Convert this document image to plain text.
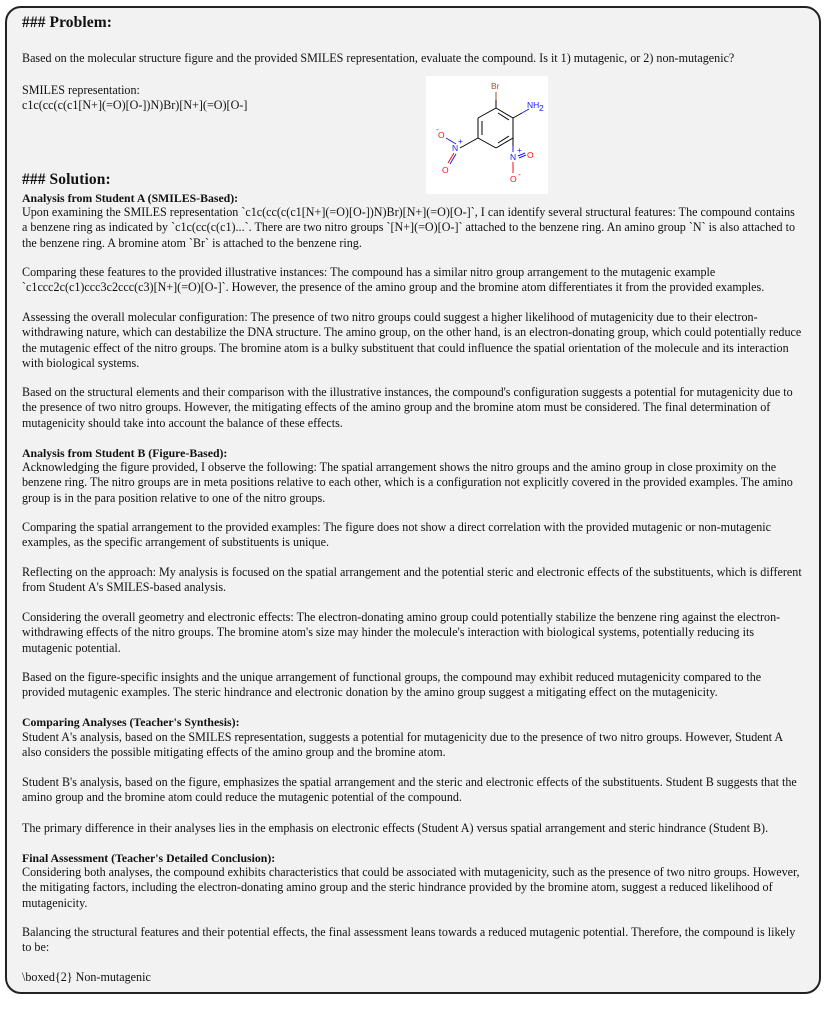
### Problem:
Based on the molecular structure figure and the provided SMILES representation, evaluate the compound. Is it 1) mutagenic, or 2) non-mutagenic?
SMILES representation:
c1c(cc(c(c1[N+](=O)[O-])N)Br)[N+](=O)[O-]
Br
NH 2
N
+ O
O -
N
+
O
-
O
### Solution:
Analysis from Student A (SMILES-Based):
Upon examining the SMILES representation `c1c(cc(c(c1[N+](=O)[O-])N)Br)[N+](=O)[O-]`, I can identify several structural features: The compound contains a benzene ring as indicated by `c1c(cc(c(c1)...`. There are two nitro groups `[N+](=O)[O-]` attached to the benzene ring. An amino group `N` is also attached to the benzene ring. A bromine atom `Br` is attached to the benzene ring.
Comparing these features to the provided illustrative instances: The compound has a similar nitro group arrangement to the mutagenic example `c1ccc2c(c1)ccc3c2ccc(c3)[N+](=O)[O-]`. However, the presence of the amino group and the bromine atom differentiates it from the provided examples.
Assessing the overall molecular configuration: The presence of two nitro groups could suggest a higher likelihood of mutagenicity due to their electron-withdrawing nature, which can destabilize the DNA structure. The amino group, on the other hand, is an electron-donating group, which could potentially reduce the mutagenic effect of the nitro groups. The bromine atom is a bulky substituent that could influence the spatial orientation of the molecule and its interaction with biological systems.
Based on the structural elements and their comparison with the illustrative instances, the compound's configuration suggests a potential for mutagenicity due to the presence of two nitro groups. However, the mitigating effects of the amino group and the bromine atom must be considered. The final determination of mutagenicity should take into account the balance of these effects.
Analysis from Student B (Figure-Based):
Acknowledging the figure provided, I observe the following: The spatial arrangement shows the nitro groups and the amino group in close proximity on the benzene ring. The nitro groups are in meta positions relative to each other, which is a configuration not explicitly covered in the provided examples. The amino group is in the para position relative to one of the nitro groups.
Comparing the spatial arrangement to the provided examples: The figure does not show a direct correlation with the provided mutagenic or non-mutagenic examples, as the specific arrangement of substituents is unique.
Reflecting on the approach: My analysis is focused on the spatial arrangement and the potential steric and electronic effects of the substituents, which is different from Student A's SMILES-based analysis.
Considering the overall geometry and electronic effects: The electron-donating amino group could potentially stabilize the benzene ring against the electron-withdrawing effects of the nitro groups. The bromine atom's size may hinder the molecule's interaction with biological systems, potentially reducing its mutagenic potential.
Based on the figure-specific insights and the unique arrangement of functional groups, the compound may exhibit reduced mutagenicity compared to the provided mutagenic examples. The steric hindrance and electronic donation by the amino group suggest a mitigating effect on the mutagenicity.
Comparing Analyses (Teacher's Synthesis):
Student A's analysis, based on the SMILES representation, suggests a potential for mutagenicity due to the presence of two nitro groups. However, Student A also considers the possible mitigating effects of the amino group and the bromine atom.
Student B's analysis, based on the figure, emphasizes the spatial arrangement and the steric and electronic effects of the substituents. Student B suggests that the amino group and the bromine atom could reduce the mutagenic potential of the compound.
The primary difference in their analyses lies in the emphasis on electronic effects (Student A) versus spatial arrangement and steric hindrance (Student B).
Final Assessment (Teacher's Detailed Conclusion):
Considering both analyses, the compound exhibits characteristics that could be associated with mutagenicity, such as the presence of two nitro groups. However, the mitigating factors, including the electron-donating amino group and the steric hindrance provided by the bromine atom, suggest a reduced likelihood of mutagenicity.
Balancing the structural features and their potential effects, the final assessment leans towards a reduced mutagenic potential. Therefore, the compound is likely to be:
\boxed{2} Non-mutagenic
